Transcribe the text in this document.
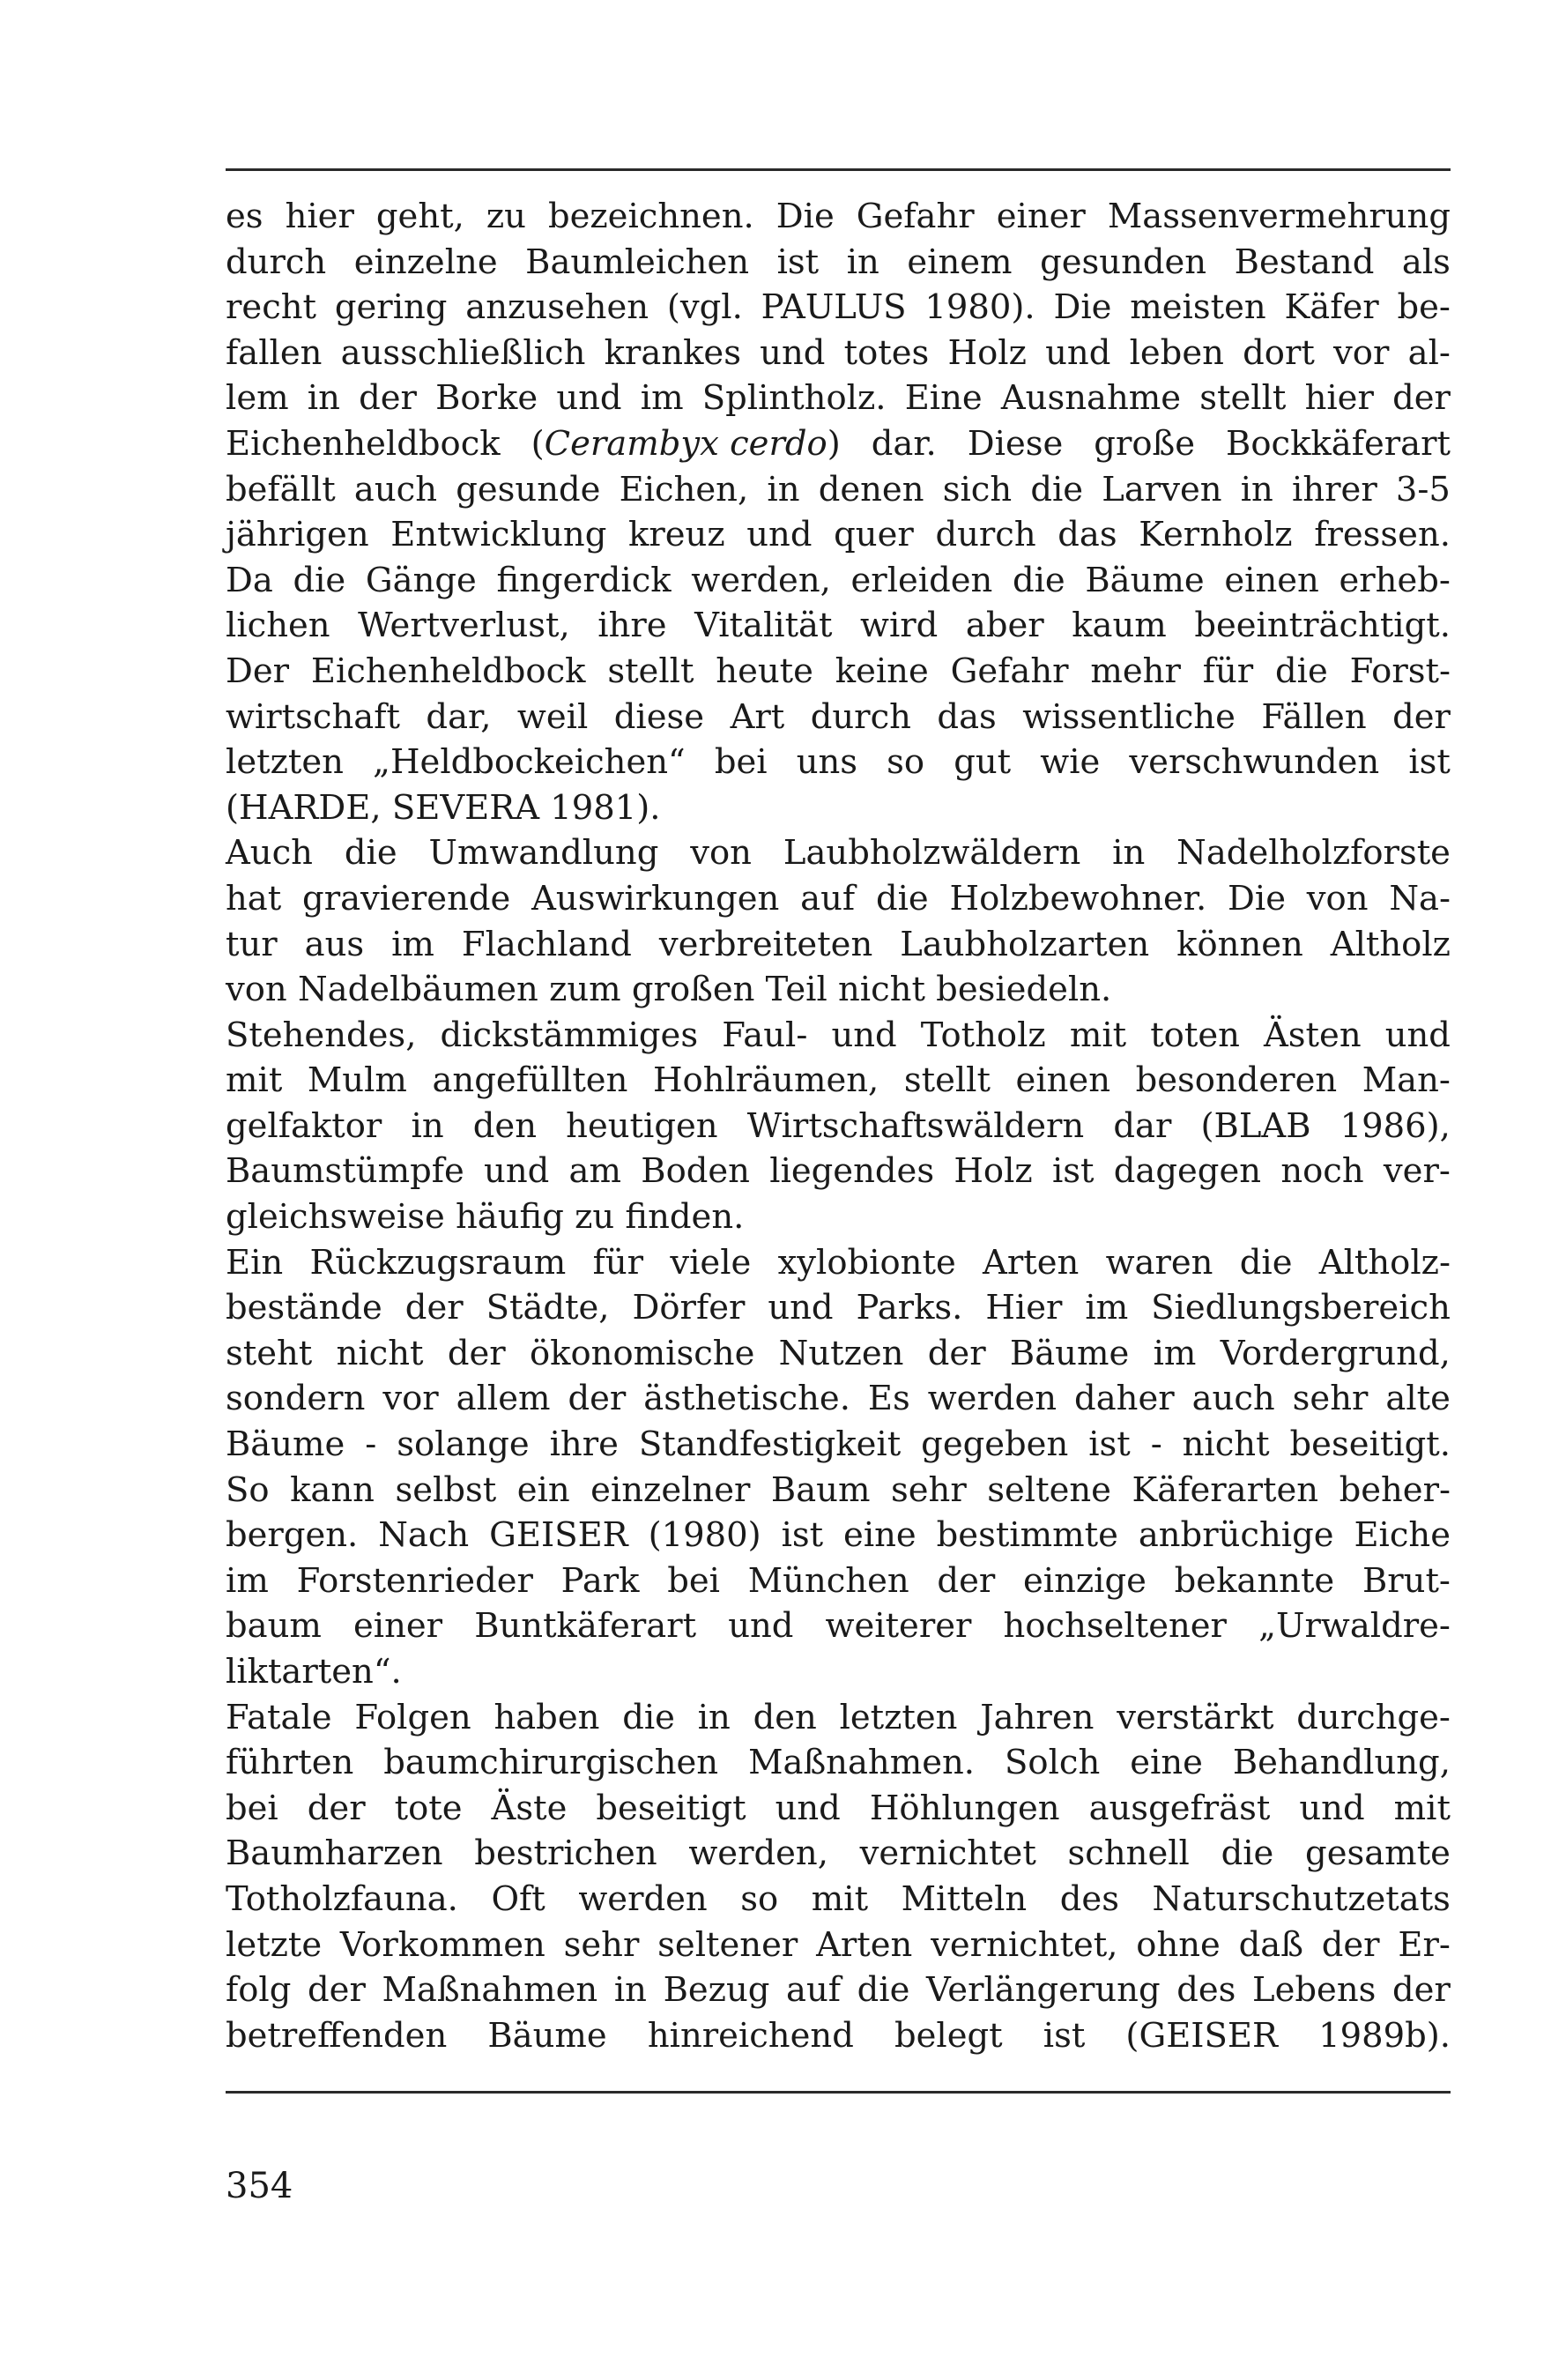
es hier geht, zu bezeichnen. Die Gefahr einer Massenvermehrung
durch einzelne Baumleichen ist in einem gesunden Bestand als
recht gering anzusehen (vgl. PAULUS 1980). Die meisten Käfer be-
fallen ausschließlich krankes und totes Holz und leben dort vor al-
lem in der Borke und im Splintholz. Eine Ausnahme stellt hier der
Eichenheldbock (Cerambyx cerdo) dar. Diese große Bockkäferart
befällt auch gesunde Eichen, in denen sich die Larven in ihrer 3-5
jährigen Entwicklung kreuz und quer durch das Kernholz fressen.
Da die Gänge fingerdick werden, erleiden die Bäume einen erheb-
lichen Wertverlust, ihre Vitalität wird aber kaum beeinträchtigt.
Der Eichenheldbock stellt heute keine Gefahr mehr für die Forst-
wirtschaft dar, weil diese Art durch das wissentliche Fällen der
letzten „Heldbockeichen“ bei uns so gut wie verschwunden ist
(HARDE, SEVERA 1981).
Auch die Umwandlung von Laubholzwäldern in Nadelholzforste
hat gravierende Auswirkungen auf die Holzbewohner. Die von Na-
tur aus im Flachland verbreiteten Laubholzarten können Altholz
von Nadelbäumen zum großen Teil nicht besiedeln.
Stehendes, dickstämmiges Faul- und Totholz mit toten Ästen und
mit Mulm angefüllten Hohlräumen, stellt einen besonderen Man-
gelfaktor in den heutigen Wirtschaftswäldern dar (BLAB 1986),
Baumstümpfe und am Boden liegendes Holz ist dagegen noch ver-
gleichsweise häufig zu finden.
Ein Rückzugsraum für viele xylobionte Arten waren die Altholz-
bestände der Städte, Dörfer und Parks. Hier im Siedlungsbereich
steht nicht der ökonomische Nutzen der Bäume im Vordergrund,
sondern vor allem der ästhetische. Es werden daher auch sehr alte
Bäume - solange ihre Standfestigkeit gegeben ist - nicht beseitigt.
So kann selbst ein einzelner Baum sehr seltene Käferarten beher-
bergen. Nach GEISER (1980) ist eine bestimmte anbrüchige Eiche
im Forstenrieder Park bei München der einzige bekannte Brut-
baum einer Buntkäferart und weiterer hochseltener „Urwaldre-
liktarten“.
Fatale Folgen haben die in den letzten Jahren verstärkt durchge-
führten baumchirurgischen Maßnahmen. Solch eine Behandlung,
bei der tote Äste beseitigt und Höhlungen ausgefräst und mit
Baumharzen bestrichen werden, vernichtet schnell die gesamte
Totholzfauna. Oft werden so mit Mitteln des Naturschutzetats
letzte Vorkommen sehr seltener Arten vernichtet, ohne daß der Er-
folg der Maßnahmen in Bezug auf die Verlängerung des Lebens der
betreffenden Bäume hinreichend belegt ist (GEISER 1989b).
354
